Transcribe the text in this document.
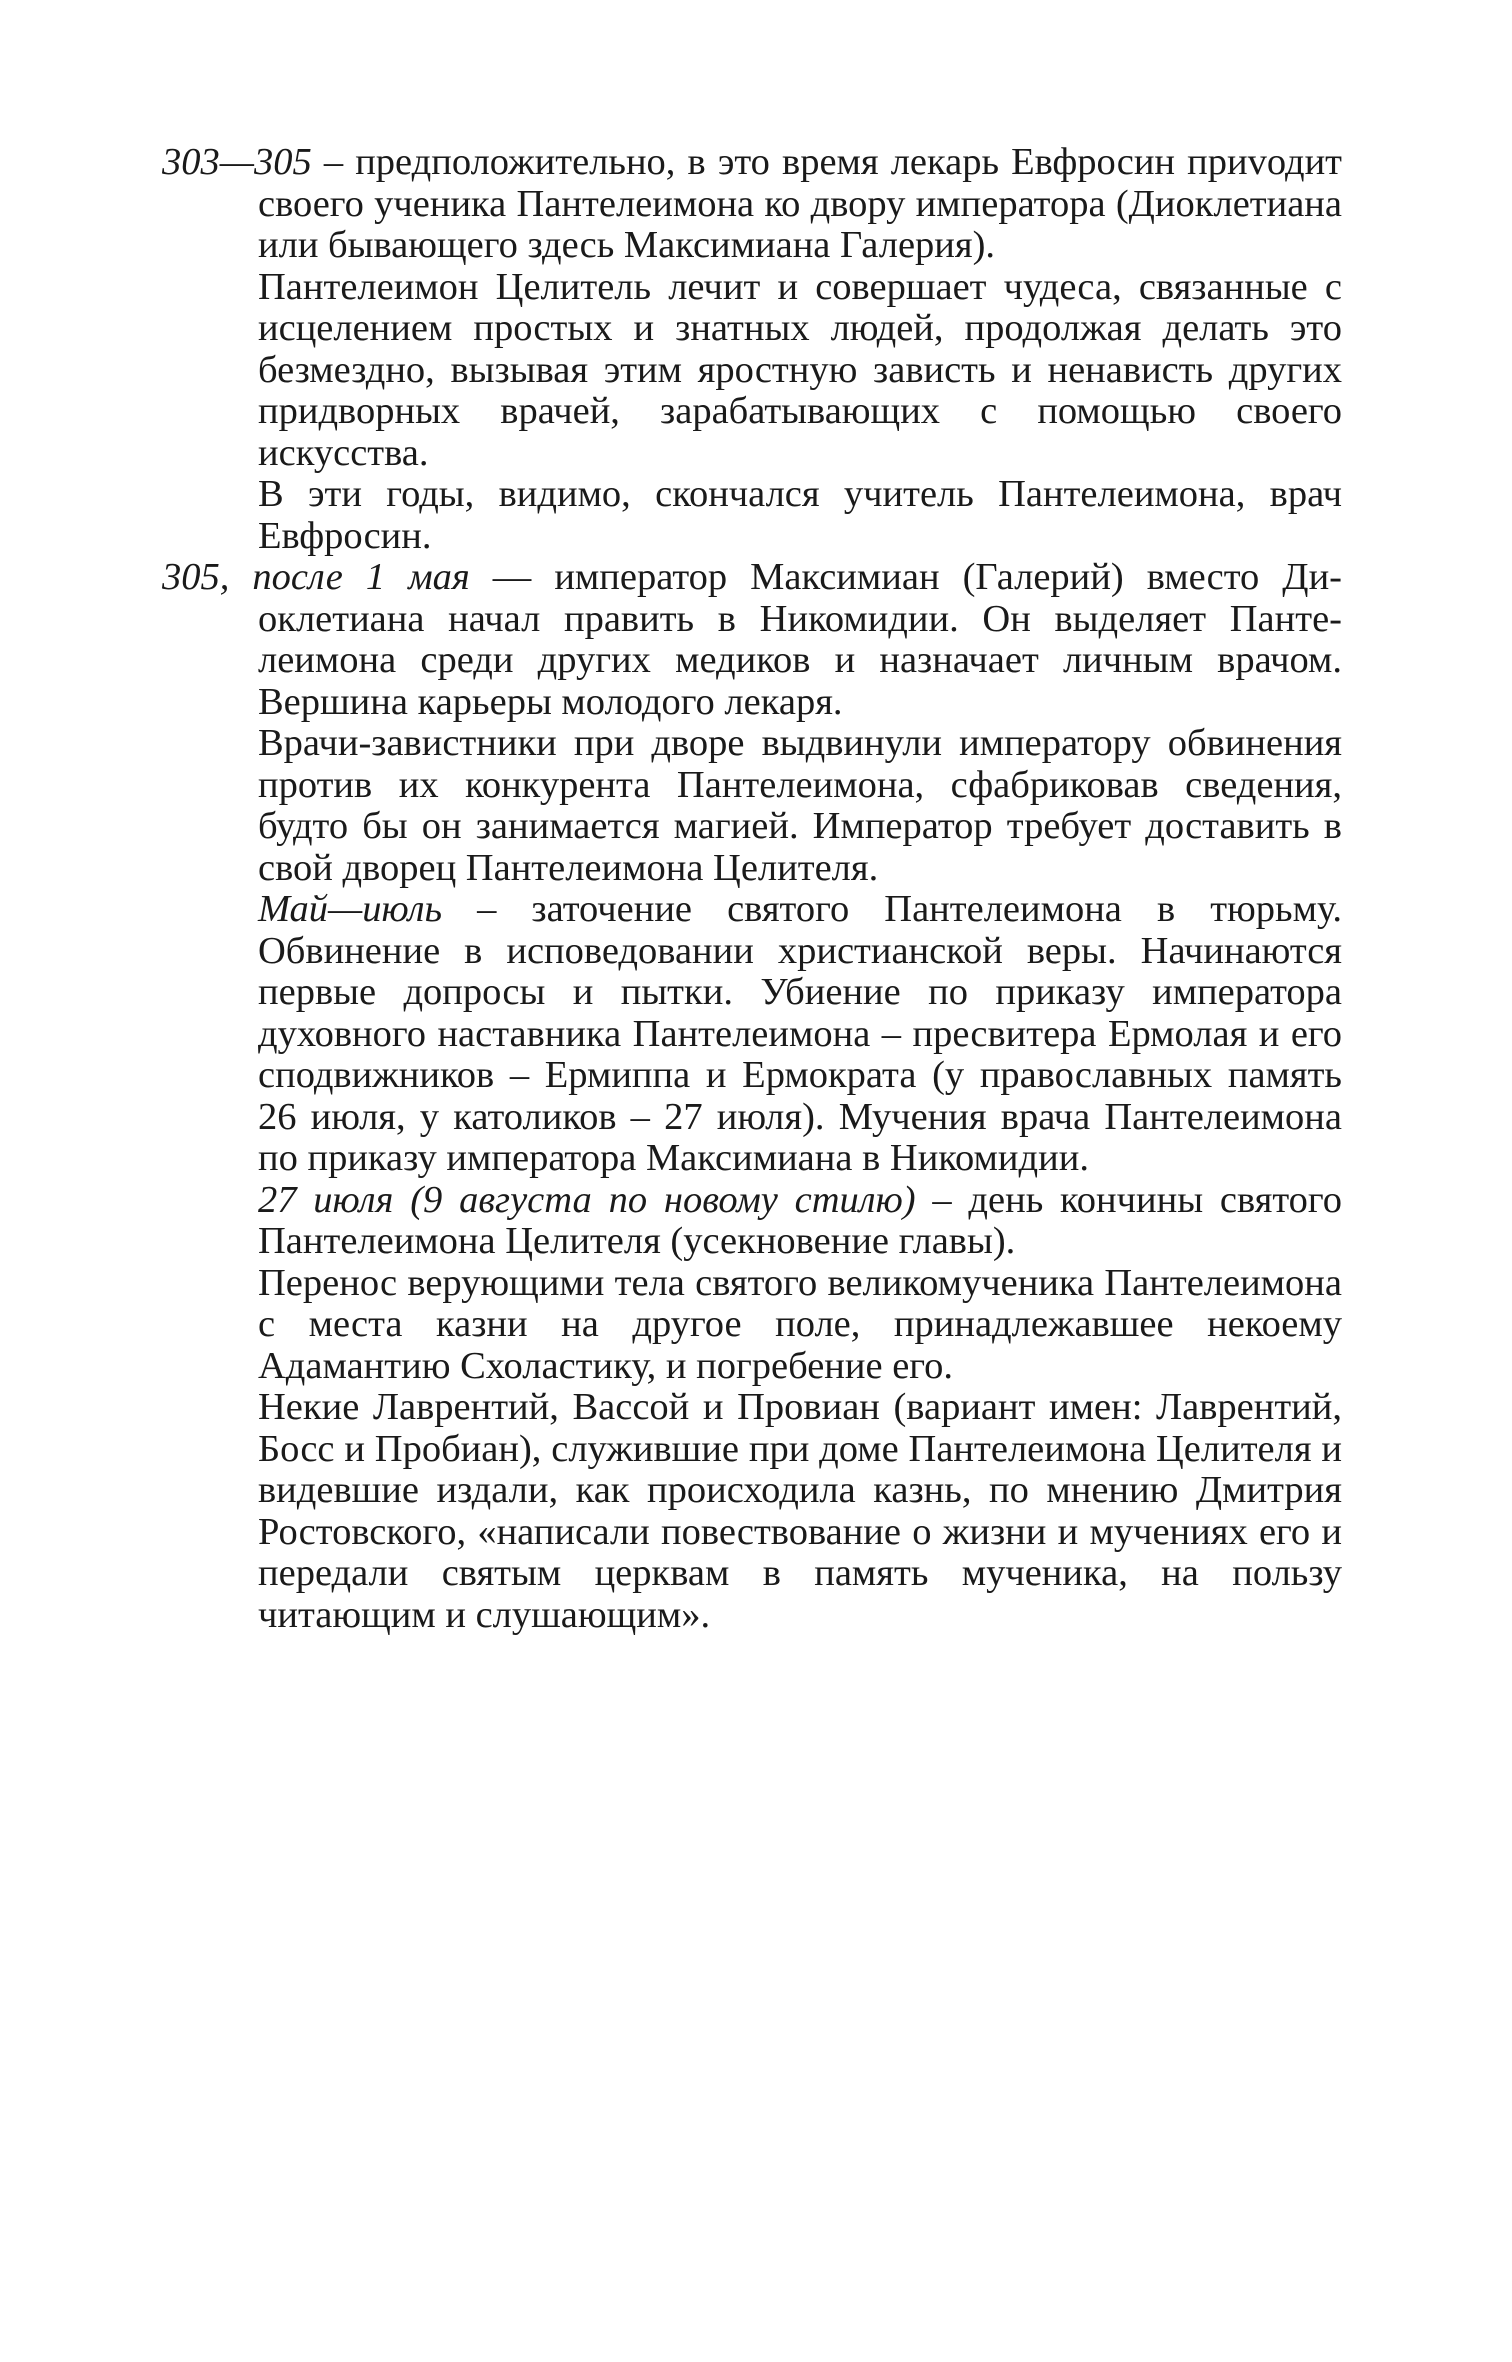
303—305 – предположительно, в это время лекарь Евфросин приvодит своего ученика Пантелеимона ко двору императора (Диоклетиана или бывающего здесь Максимиана Галерия).

Пантелеимон Целитель лечит и совершает чудеса, связанные с исцелением простых и знатных людей, продолжая делать это безмездно, вызывая этим яростную зависть и ненависть других придворных врачей, зарабатывающих с помощью своего искусства.

В эти годы, видимо, скончался учитель Пантелеимона, врач Евфросин.

305, после 1 мая — император Максимиан (Галерий) вместо Диоклетиана начал править в Никомидии. Он выделяет Пантелеимона среди других медиков и назначает личным врачом. Вершина карьеры молодого лекаря.

Врачи-завистники при дворе выдвинули императору обвинения против их конкурента Пантелеимона, сфабриковав сведения, будто бы он занимается магией. Император требует доставить в свой дворец Пантелеимона Целителя.

Май—июль – заточение святого Пантелеимона в тюрьму. Обвинение в исповедовании христианской веры. Начинаются первые допросы и пытки. Убиение по приказу императора духовного наставника Пантелеимона – пресвитера Ермолая и его сподвижников – Ермиппа и Ермократа (у православных память 26 июля, у католиков – 27 июля). Мучения врача Пантелеимона по приказу императора Максимиана в Никомидии.

27 июля (9 августа по новому стилю) – день кончины святого Пантелеимона Целителя (усекновение главы).

Перенос верующими тела святого великомученика Пантелеимона с места казни на другое поле, принадлежавшее некоему Адамантию Схоластику, и погребение его.

Некие Лаврентий, Вассой и Провиан (вариант имен: Лаврентий, Босс и Пробиан), служившие при доме Пантелеимона Целителя и видевшие издали, как происходила казнь, по мнению Дмитрия Ростовского, «написали повествование о жизни и мучениях его и передали святым церквам в память мученика, на пользу читающим и слушающим».
